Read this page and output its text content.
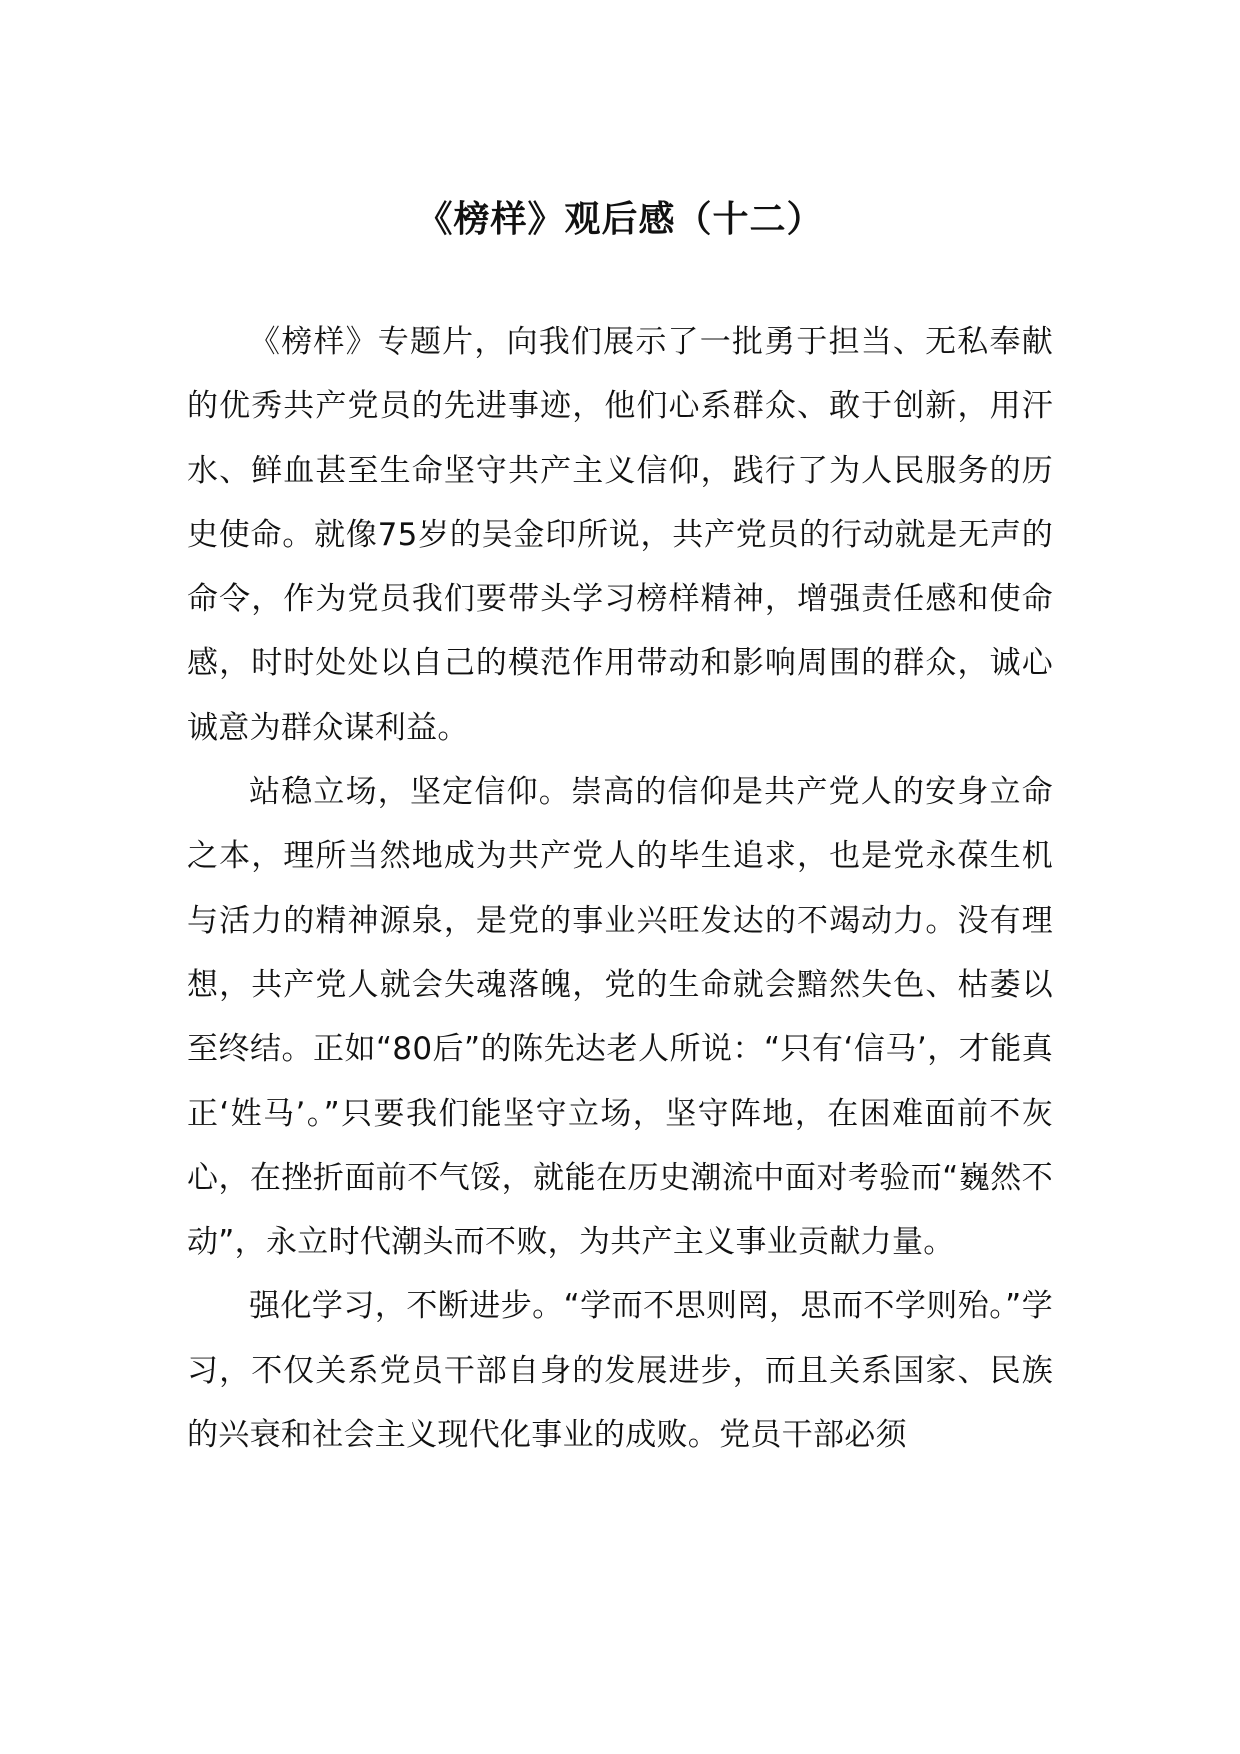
《榜样》观后感（十二）

《榜样》专题片，向我们展示了一批勇于担当、无私奉献的优秀共产党员的先进事迹，他们心系群众、敢于创新，用汗水、鲜血甚至生命坚守共产主义信仰，践行了为人民服务的历史使命。就像75岁的吴金印所说，共产党员的行动就是无声的命令，作为党员我们要带头学习榜样精神，增强责任感和使命感，时时处处以自己的模范作用带动和影响周围的群众，诚心诚意为群众谋利益。

站稳立场，坚定信仰。崇高的信仰是共产党人的安身立命之本，理所当然地成为共产党人的毕生追求，也是党永葆生机与活力的精神源泉，是党的事业兴旺发达的不竭动力。没有理想，共产党人就会失魂落魄，党的生命就会黯然失色、枯萎以至终结。正如“80后”的陈先达老人所说：“只有‘信马’，才能真正‘姓马’。”只要我们能坚守立场，坚守阵地，在困难面前不灰心，在挫折面前不气馁，就能在历史潮流中面对考验而“巍然不动”，永立时代潮头而不败，为共产主义事业贡献力量。

强化学习，不断进步。“学而不思则罔，思而不学则殆。”学习，不仅关系党员干部自身的发展进步，而且关系国家、民族的兴衰和社会主义现代化事业的成败。党员干部必须
